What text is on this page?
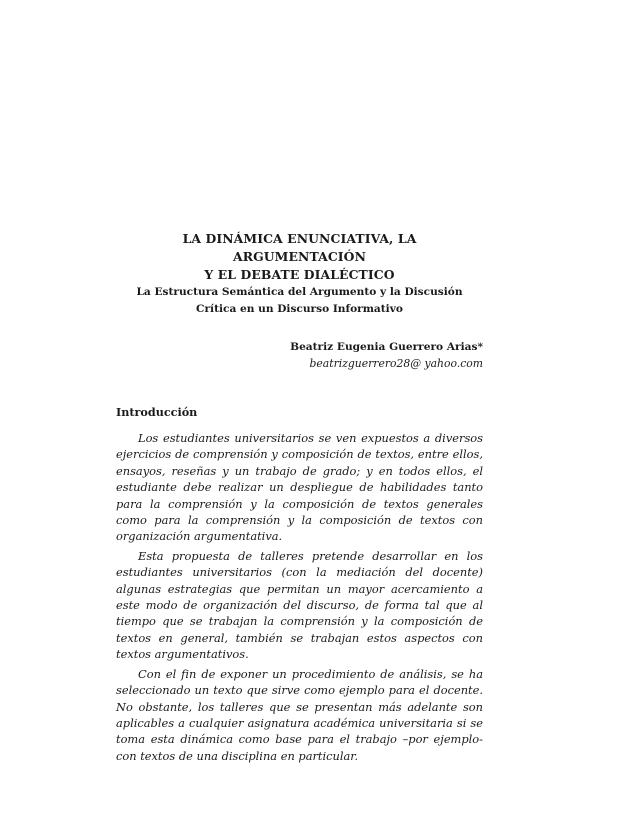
LA DINÁMICA ENUNCIATIVA, LA ARGUMENTACIÓN
Y EL DEBATE DIALÉCTICO
La Estructura Semántica del Argumento y la Discusión
Crítica en un Discurso Informativo
Beatriz Eugenia Guerrero Arias*
beatrizguerrero28@ yahoo.com
Introducción

Los estudiantes universitarios se ven expuestos a diversos ejercicios de comprensión y composición de textos, entre ellos, ensayos, reseñas y un trabajo de grado; y en todos ellos, el estudiante debe realizar un despliegue de habilidades tanto para la comprensión y la composición de textos generales como para la comprensión y la composición de textos con organización argumentativa.

Esta propuesta de talleres pretende desarrollar en los estudiantes universitarios (con la mediación del docente) algunas estrategias que permitan un mayor acercamiento a este modo de organización del discurso, de forma tal que al tiempo que se trabajan la comprensión y la composición de textos en general, también se trabajan estos aspectos con textos argumentativos.

Con el fin de exponer un procedimiento de análisis, se ha seleccionado un texto que sirve como ejemplo para el docente. No obstante, los talleres que se presentan más adelante son aplicables a cualquier asignatura académica universitaria si se toma esta dinámica como base para el trabajo –por ejemplo- con textos de una disciplina en particular.
